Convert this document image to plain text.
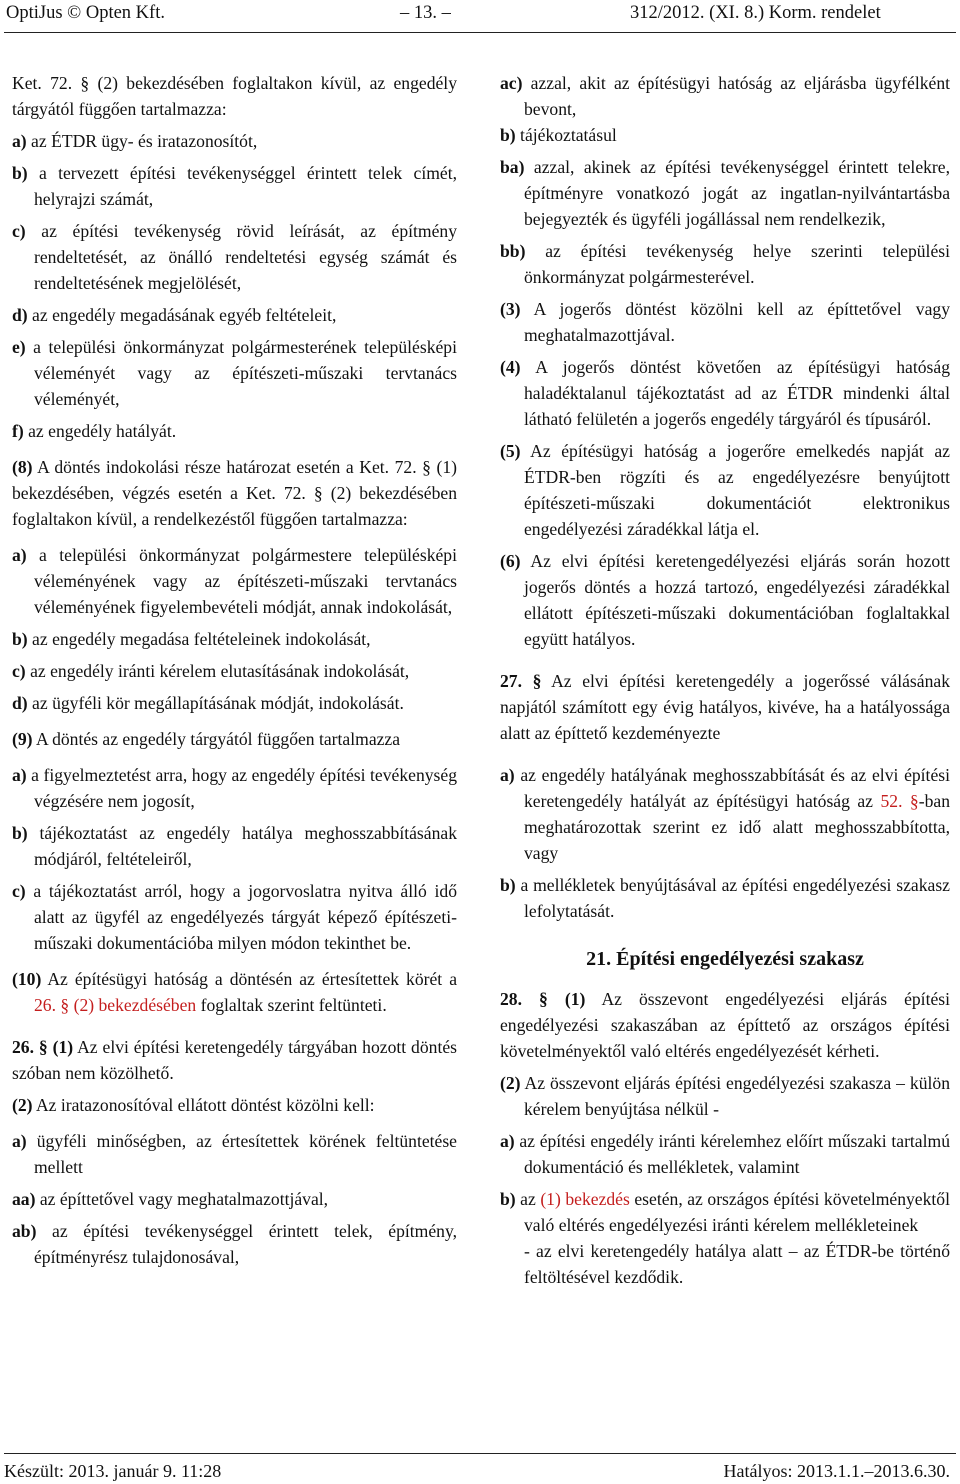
OptiJus © Opten Kft.	– 13. –	312/2012. (XI. 8.) Korm. rendelet

Ket. 72. § (2) bekezdésében foglaltakon kívül, az engedély tárgyától függően tartalmazza:

a) az ÉTDR ügy- és iratazonosítót,

b) a tervezett építési tevékenységgel érintett telek címét, helyrajzi számát,

c) az építési tevékenység rövid leírását, az építmény rendeltetését, az önálló rendeltetési egység számát és rendeltetésének megjelölését,

d) az engedély megadásának egyéb feltételeit,

e) a települési önkormányzat polgármesterének településképi véleményét vagy az építészeti-műszaki tervtanács véleményét,

f) az engedély hatályát.

(8) A döntés indokolási része határozat esetén a Ket. 72. § (1) bekezdésében, végzés esetén a Ket. 72. § (2) bekezdésében foglaltakon kívül, a rendelkezéstől függően tartalmazza:

a) a települési önkormányzat polgármestere településképi véleményének vagy az építészeti-műszaki tervtanács véleményének figyelembevételi módját, annak indokolását,

b) az engedély megadása feltételeinek indokolását,

c) az engedély iránti kérelem elutasításának indokolását,

d) az ügyféli kör megállapításának módját, indokolását.

(9) A döntés az engedély tárgyától függően tartalmazza

a) a figyelmeztetést arra, hogy az engedély építési tevékenység végzésére nem jogosít,

b) tájékoztatást az engedély hatálya meghosszabbításának módjáról, feltételeiről,

c) a tájékoztatást arról, hogy a jogorvoslatra nyitva álló idő alatt az ügyfél az engedélyezés tárgyát képező építészeti-műszaki dokumentációba milyen módon tekinthet be.

(10) Az építésügyi hatóság a döntésén az értesítettek körét a 26. § (2) bekezdésében foglaltak szerint feltünteti.

26. § (1) Az elvi építési keretengedély tárgyában hozott döntés szóban nem közölhető.

(2) Az iratazonosítóval ellátott döntést közölni kell:

a) ügyféli minőségben, az értesítettek körének feltüntetése mellett

aa) az építtetővel vagy meghatalmazottjával,

ab) az építési tevékenységgel érintett telek, építmény, építményrész tulajdonosával,

ac) azzal, akit az építésügyi hatóság az eljárásba ügyfélként bevont,

b) tájékoztatásul

ba) azzal, akinek az építési tevékenységgel érintett telekre, építményre vonatkozó jogát az ingatlan-nyilvántartásba bejegyezték és ügyféli jogállással nem rendelkezik,

bb) az építési tevékenység helye szerinti települési önkormányzat polgármesterével.

(3) A jogerős döntést közölni kell az építtetővel vagy meghatalmazottjával.

(4) A jogerős döntést követően az építésügyi hatóság haladéktalanul tájékoztatást ad az ÉTDR mindenki által látható felületén a jogerős engedély tárgyáról és típusáról.

(5) Az építésügyi hatóság a jogerőre emelkedés napját az ÉTDR-ben rögzíti és az engedélyezésre benyújtott építészeti-műszaki dokumentációt elektronikus engedélyezési záradékkal látja el.

(6) Az elvi építési keretengedélyezési eljárás során hozott jogerős döntés a hozzá tartozó, engedélyezési záradékkal ellátott építészeti-műszaki dokumentációban foglaltakkal együtt hatályos.

27. § Az elvi építési keretengedély a jogerőssé válásának napjától számított egy évig hatályos, kivéve, ha a hatályossága alatt az építtető kezdeményezte

a) az engedély hatályának meghosszabbítását és az elvi építési keretengedély hatályát az építésügyi hatóság az 52. §-ban meghatározottak szerint ez idő alatt meghosszabbította, vagy

b) a mellékletek benyújtásával az építési engedélyezési szakasz lefolytatását.

21. Építési engedélyezési szakasz

28. § (1) Az összevont engedélyezési eljárás építési engedélyezési szakaszában az építtető az országos építési követelményektől való eltérés engedélyezését kérheti.

(2) Az összevont eljárás építési engedélyezési szakasza – külön kérelem benyújtása nélkül -

a) az építési engedély iránti kérelemhez előírt műszaki tartalmú dokumentáció és mellékletek, valamint

b) az (1) bekezdés esetén, az országos építési követelményektől való eltérés engedélyezési iránti kérelem mellékleteinek

- az elvi keretengedély hatálya alatt – az ÉTDR-be történő feltöltésével kezdődik.

Készült: 2013. január 9. 11:28	Hatályos: 2013.1.1.–2013.6.30.
